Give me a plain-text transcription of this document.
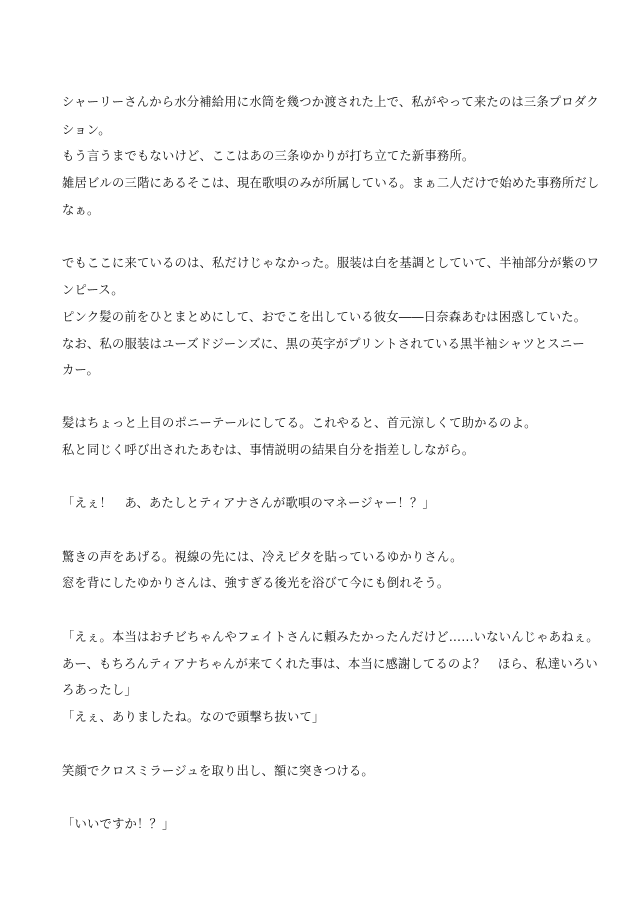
シャーリーさんから水分補給用に水筒を幾つか渡された上で、私がやって来たのは三条プロダク
ション。
もう言うまでもないけど、ここはあの三条ゆかりが打ち立てた新事務所。
雑居ビルの三階にあるそこは、現在歌唄のみが所属している。まぁ二人だけで始めた事務所だし
なぁ。
でもここに来ているのは、私だけじゃなかった。服装は白を基調としていて、半袖部分が紫のワ
ンピース。
ピンク髪の前をひとまとめにして、おでこを出している彼女――日奈森あむは困惑していた。
なお、私の服装はユーズドジーンズに、黒の英字がプリントされている黒半袖シャツとスニー
カー。
髪はちょっと上目のポニーテールにしてる。これやると、首元涼しくて助かるのよ。
私と同じく呼び出されたあむは、事情説明の結果自分を指差ししながら。
「えぇ！　あ、あたしとティアナさんが歌唄のマネージャー！？」
驚きの声をあげる。視線の先には、冷えピタを貼っているゆかりさん。
窓を背にしたゆかりさんは、強すぎる後光を浴びて今にも倒れそう。
「えぇ。本当はおチビちゃんやフェイトさんに頼みたかったんだけど……いないんじゃあねぇ。
あー、もちろんティアナちゃんが来てくれた事は、本当に感謝してるのよ？　ほら、私達いろい
ろあったし」
「えぇ、ありましたね。なので頭撃ち抜いて」
笑顔でクロスミラージュを取り出し、額に突きつける。
「いいですか！？」
